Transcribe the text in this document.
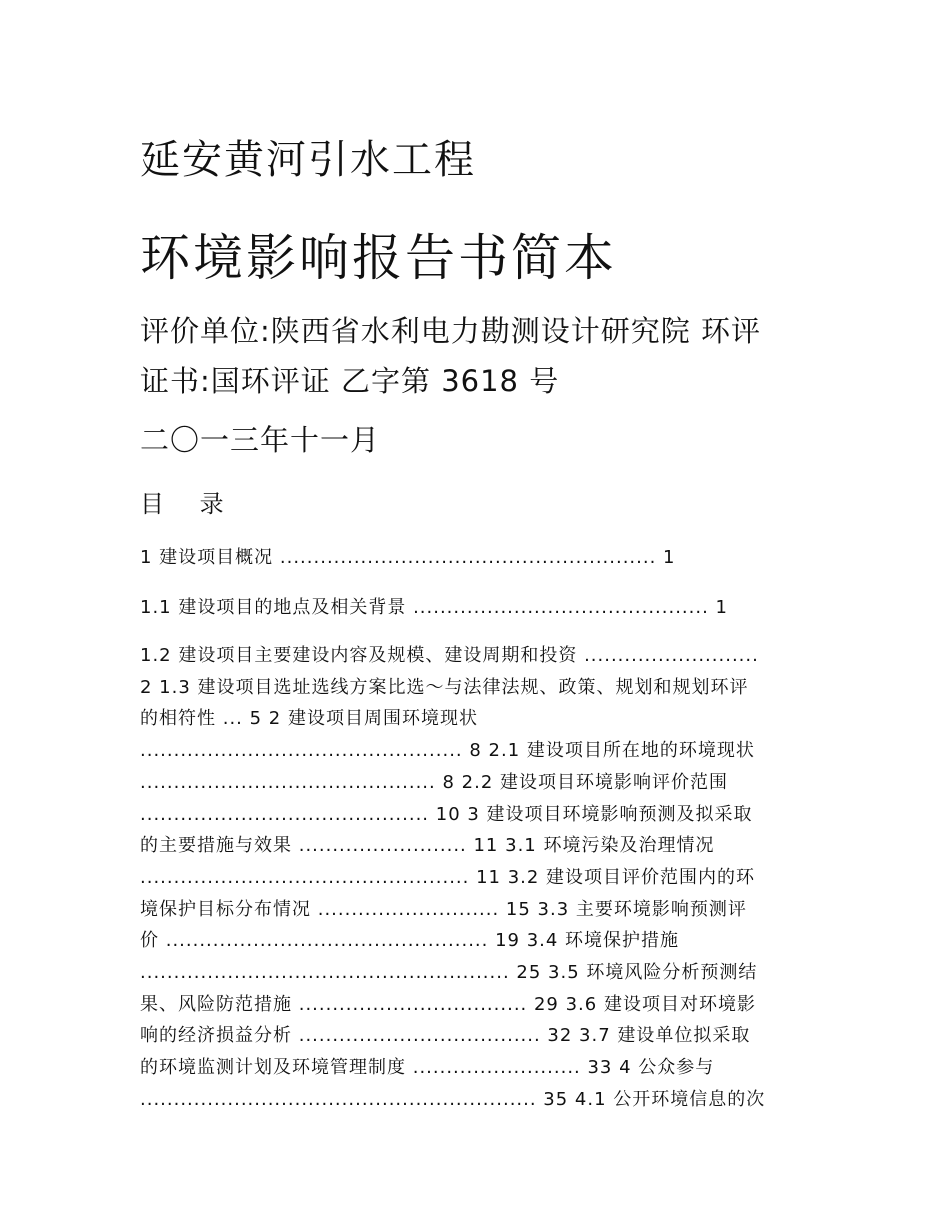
延安黄河引水工程
环境影响报告书简本
评价单位:陕西省水利电力勘测设计研究院 环评
证书:国环评证 乙字第 3618 号
二〇一三年十一月
目 录
1 建设项目概况 ........................................................ 1
1.1 建设项目的地点及相关背景 ............................................ 1
1.2 建设项目主要建设内容及规模、建设周期和投资 ..........................
2 1.3 建设项目选址选线方案比选～与法律法规、政策、规划和规划环评
的相符性 ... 5 2 建设项目周围环境现状
................................................ 8 2.1 建设项目所在地的环境现状
............................................ 8 2.2 建设项目环境影响评价范围
........................................... 10 3 建设项目环境影响预测及拟采取
的主要措施与效果 ......................... 11 3.1 环境污染及治理情况
................................................. 11 3.2 建设项目评价范围内的环
境保护目标分布情况 ........................... 15 3.3 主要环境影响预测评
价 ................................................ 19 3.4 环境保护措施
....................................................... 25 3.5 环境风险分析预测结
果、风险防范措施 .................................. 29 3.6 建设项目对环境影
响的经济损益分析 .................................... 32 3.7 建设单位拟采取
的环境监测计划及环境管理制度 ......................... 33 4 公众参与
........................................................... 35 4.1 公开环境信息的次
